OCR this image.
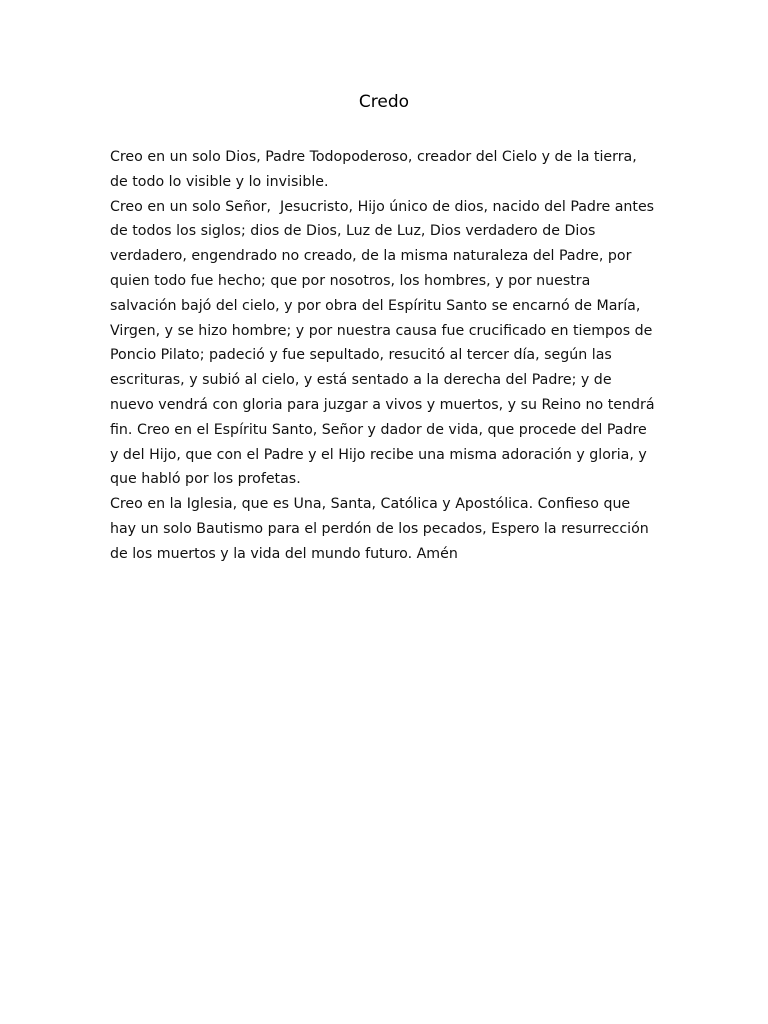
Credo
Creo en un solo Dios, Padre Todopoderoso, creador del Cielo y de la tierra,
de todo lo visible y lo invisible.
Creo en un solo Señor,  Jesucristo, Hijo único de dios, nacido del Padre antes
de todos los siglos; dios de Dios, Luz de Luz, Dios verdadero de Dios
verdadero, engendrado no creado, de la misma naturaleza del Padre, por
quien todo fue hecho; que por nosotros, los hombres, y por nuestra
salvación bajó del cielo, y por obra del Espíritu Santo se encarnó de María,
Virgen, y se hizo hombre; y por nuestra causa fue crucificado en tiempos de
Poncio Pilato; padeció y fue sepultado, resucitó al tercer día, según las
escrituras, y subió al cielo, y está sentado a la derecha del Padre; y de
nuevo vendrá con gloria para juzgar a vivos y muertos, y su Reino no tendrá
fin. Creo en el Espíritu Santo, Señor y dador de vida, que procede del Padre
y del Hijo, que con el Padre y el Hijo recibe una misma adoración y gloria, y
que habló por los profetas.
Creo en la Iglesia, que es Una, Santa, Católica y Apostólica. Confieso que
hay un solo Bautismo para el perdón de los pecados, Espero la resurrección
de los muertos y la vida del mundo futuro. Amén
